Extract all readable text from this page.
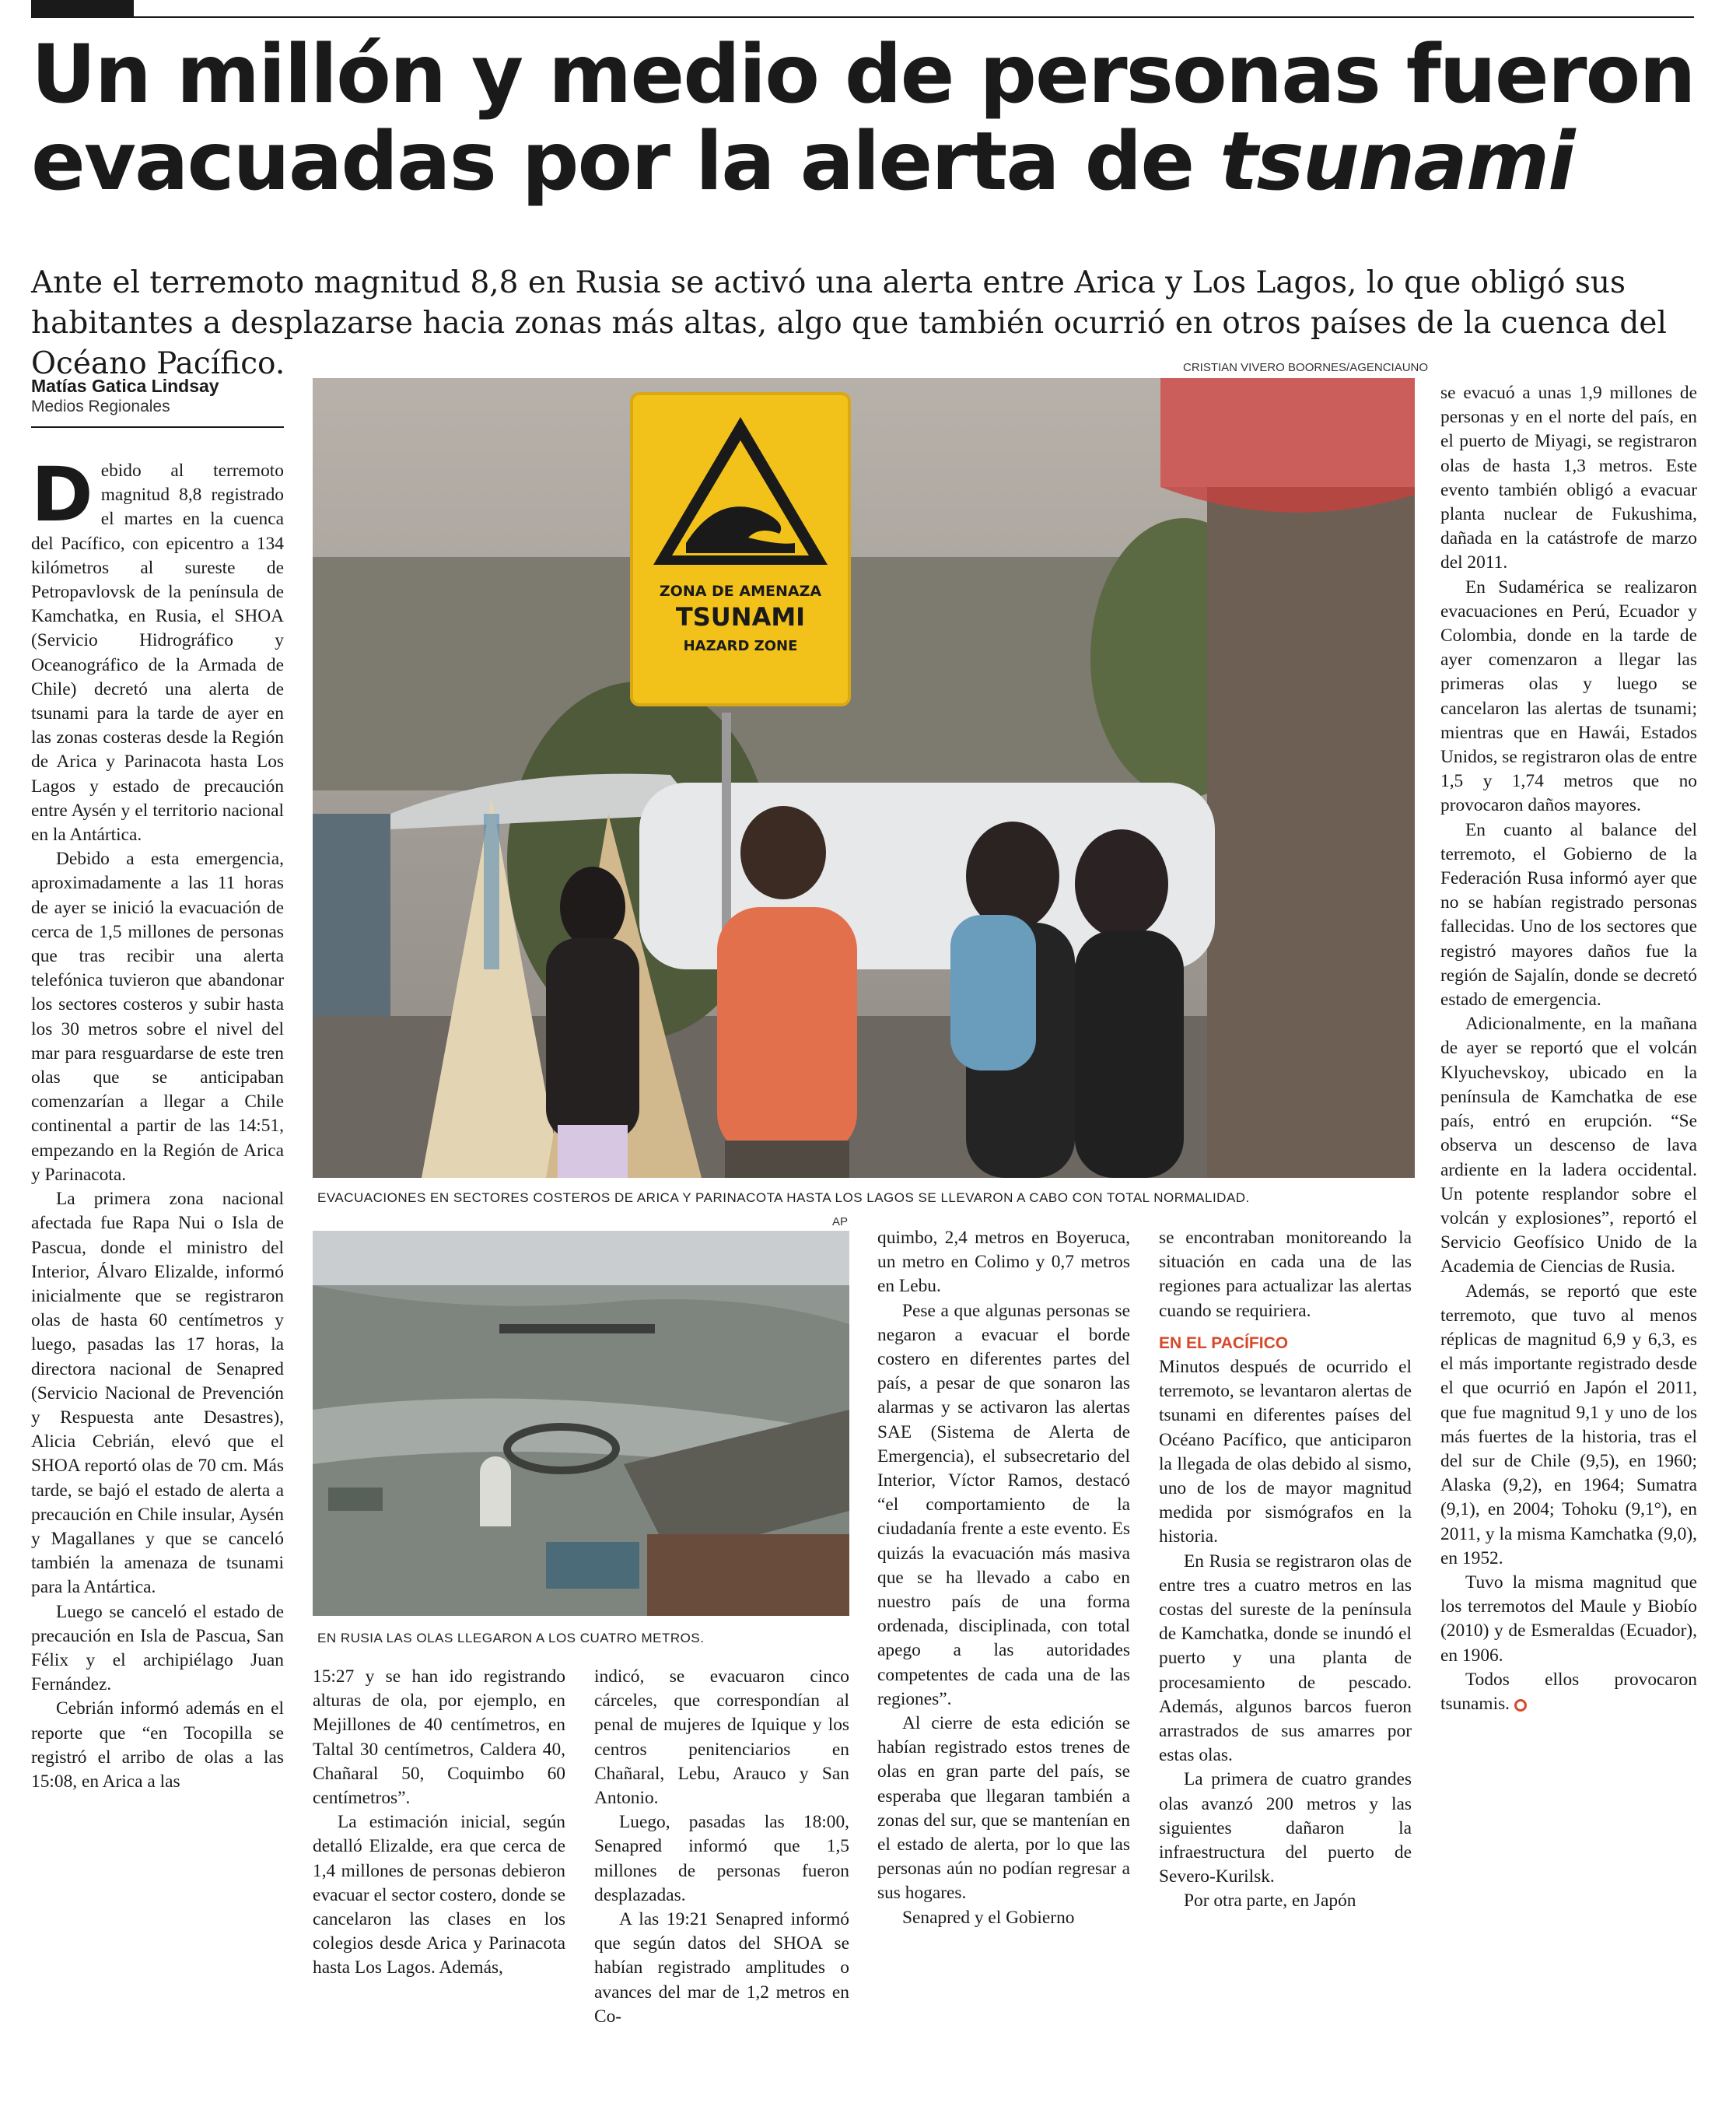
Un millón y medio de personas fueron evacuadas por la alerta de tsunami

Ante el terremoto magnitud 8,8 en Rusia se activó una alerta entre Arica y Los Lagos, lo que obligó sus habitantes a desplazarse hacia zonas más altas, algo que también ocurrió en otros países de la cuenca del Océano Pacífico.

Matías Gatica Lindsay
Medios Regionales
CRISTIAN VIVERO BOORNES/AGENCIAUNO
ZONA DE AMENAZA
TSUNAMI
HAZARD ZONE
EVACUACIONES EN SECTORES COSTEROS DE ARICA Y PARINACOTA HASTA LOS LAGOS SE LLEVARON A CABO CON TOTAL NORMALIDAD.
AP
EN RUSIA LAS OLAS LLEGARON A LOS CUATRO METROS.

Debido al terremoto magnitud 8,8 registrado el martes en la cuenca del Pacífico, con epicentro a 134 kilómetros al sureste de Petropavlovsk de la península de Kamchatka, en Rusia, el SHOA (Servicio Hidrográfico y Oceanográfico de la Armada de Chile) decretó una alerta de tsunami para la tarde de ayer en las zonas costeras desde la Región de Arica y Parinacota hasta Los Lagos y estado de precaución entre Aysén y el territorio nacional en la Antártica.

Debido a esta emergencia, aproximadamente a las 11 horas de ayer se inició la evacuación de cerca de 1,5 millones de personas que tras recibir una alerta telefónica tuvieron que abandonar los sectores costeros y subir hasta los 30 metros sobre el nivel del mar para resguardarse de este tren olas que se anticipaban comenzarían a llegar a Chile continental a partir de las 14:51, empezando en la Región de Arica y Parinacota.

La primera zona nacional afectada fue Rapa Nui o Isla de Pascua, donde el ministro del Interior, Álvaro Elizalde, informó inicialmente que se registraron olas de hasta 60 centímetros y luego, pasadas las 17 horas, la directora nacional de Senapred (Servicio Nacional de Prevención y Respuesta ante Desastres), Alicia Cebrián, elevó que el SHOA reportó olas de 70 cm. Más tarde, se bajó el estado de alerta a precaución en Chile insular, Aysén y Magallanes y que se canceló también la amenaza de tsunami para la Antártica.

Luego se canceló el estado de precaución en Isla de Pascua, San Félix y el archipiélago Juan Fernández.

Cebrián informó además en el reporte que “en Tocopilla se registró el arribo de olas a las 15:08, en Arica a las

15:27 y se han ido registrando alturas de ola, por ejemplo, en Mejillones de 40 centímetros, en Taltal 30 centímetros, Caldera 40, Chañaral 50, Coquimbo 60 centímetros”.

La estimación inicial, según detalló Elizalde, era que cerca de 1,4 millones de personas debieron evacuar el sector costero, donde se cancelaron las clases en los colegios desde Arica y Parinacota hasta Los Lagos. Además,

indicó, se evacuaron cinco cárceles, que correspondían al penal de mujeres de Iquique y los centros penitenciarios en Chañaral, Lebu, Arauco y San Antonio.

Luego, pasadas las 18:00, Senapred informó que 1,5 millones de personas fueron desplazadas.

A las 19:21 Senapred informó que según datos del SHOA se habían registrado amplitudes o avances del mar de 1,2 metros en Co-

quimbo, 2,4 metros en Boyeruca, un metro en Colimo y 0,7 metros en Lebu.

Pese a que algunas personas se negaron a evacuar el borde costero en diferentes partes del país, a pesar de que sonaron las alarmas y se activaron las alertas SAE (Sistema de Alerta de Emergencia), el subsecretario del Interior, Víctor Ramos, destacó “el comportamiento de la ciudadanía frente a este evento. Es quizás la evacuación más masiva que se ha llevado a cabo en nuestro país de una forma ordenada, disciplinada, con total apego a las autoridades competentes de cada una de las regiones”.

Al cierre de esta edición se habían registrado estos trenes de olas en gran parte del país, se esperaba que llegaran también a zonas del sur, que se mantenían en el estado de alerta, por lo que las personas aún no podían regresar a sus hogares.

Senapred y el Gobierno

se encontraban monitoreando la situación en cada una de las regiones para actualizar las alertas cuando se requiriera.

EN EL PACÍFICO

Minutos después de ocurrido el terremoto, se levantaron alertas de tsunami en diferentes países del Océano Pacífico, que anticiparon la llegada de olas debido al sismo, uno de los de mayor magnitud medida por sismógrafos en la historia.

En Rusia se registraron olas de entre tres a cuatro metros en las costas del sureste de la península de Kamchatka, donde se inundó el puerto y una planta de procesamiento de pescado. Además, algunos barcos fueron arrastrados de sus amarres por estas olas.

La primera de cuatro grandes olas avanzó 200 metros y las siguientes dañaron la infraestructura del puerto de Severo-Kurilsk.

Por otra parte, en Japón

se evacuó a unas 1,9 millones de personas y en el norte del país, en el puerto de Miyagi, se registraron olas de hasta 1,3 metros. Este evento también obligó a evacuar planta nuclear de Fukushima, dañada en la catástrofe de marzo del 2011.

En Sudamérica se realizaron evacuaciones en Perú, Ecuador y Colombia, donde en la tarde de ayer comenzaron a llegar las primeras olas y luego se cancelaron las alertas de tsunami; mientras que en Hawái, Estados Unidos, se registraron olas de entre 1,5 y 1,74 metros que no provocaron daños mayores.

En cuanto al balance del terremoto, el Gobierno de la Federación Rusa informó ayer que no se habían registrado personas fallecidas. Uno de los sectores que registró mayores daños fue la región de Sajalín, donde se decretó estado de emergencia.

Adicionalmente, en la mañana de ayer se reportó que el volcán Klyuchevskoy, ubicado en la península de Kamchatka de ese país, entró en erupción. “Se observa un descenso de lava ardiente en la ladera occidental. Un potente resplandor sobre el volcán y explosiones”, reportó el Servicio Geofísico Unido de la Academia de Ciencias de Rusia.

Además, se reportó que este terremoto, que tuvo al menos réplicas de magnitud 6,9 y 6,3, es el más importante registrado desde el que ocurrió en Japón el 2011, que fue magnitud 9,1 y uno de los más fuertes de la historia, tras el del sur de Chile (9,5), en 1960; Alaska (9,2), en 1964; Sumatra (9,1), en 2004; Tohoku (9,1°), en 2011, y la misma Kamchatka (9,0), en 1952.

Tuvo la misma magnitud que los terremotos del Maule y Biobío (2010) y de Esmeraldas (Ecuador), en 1906.

Todos ellos provocaron tsunamis.
